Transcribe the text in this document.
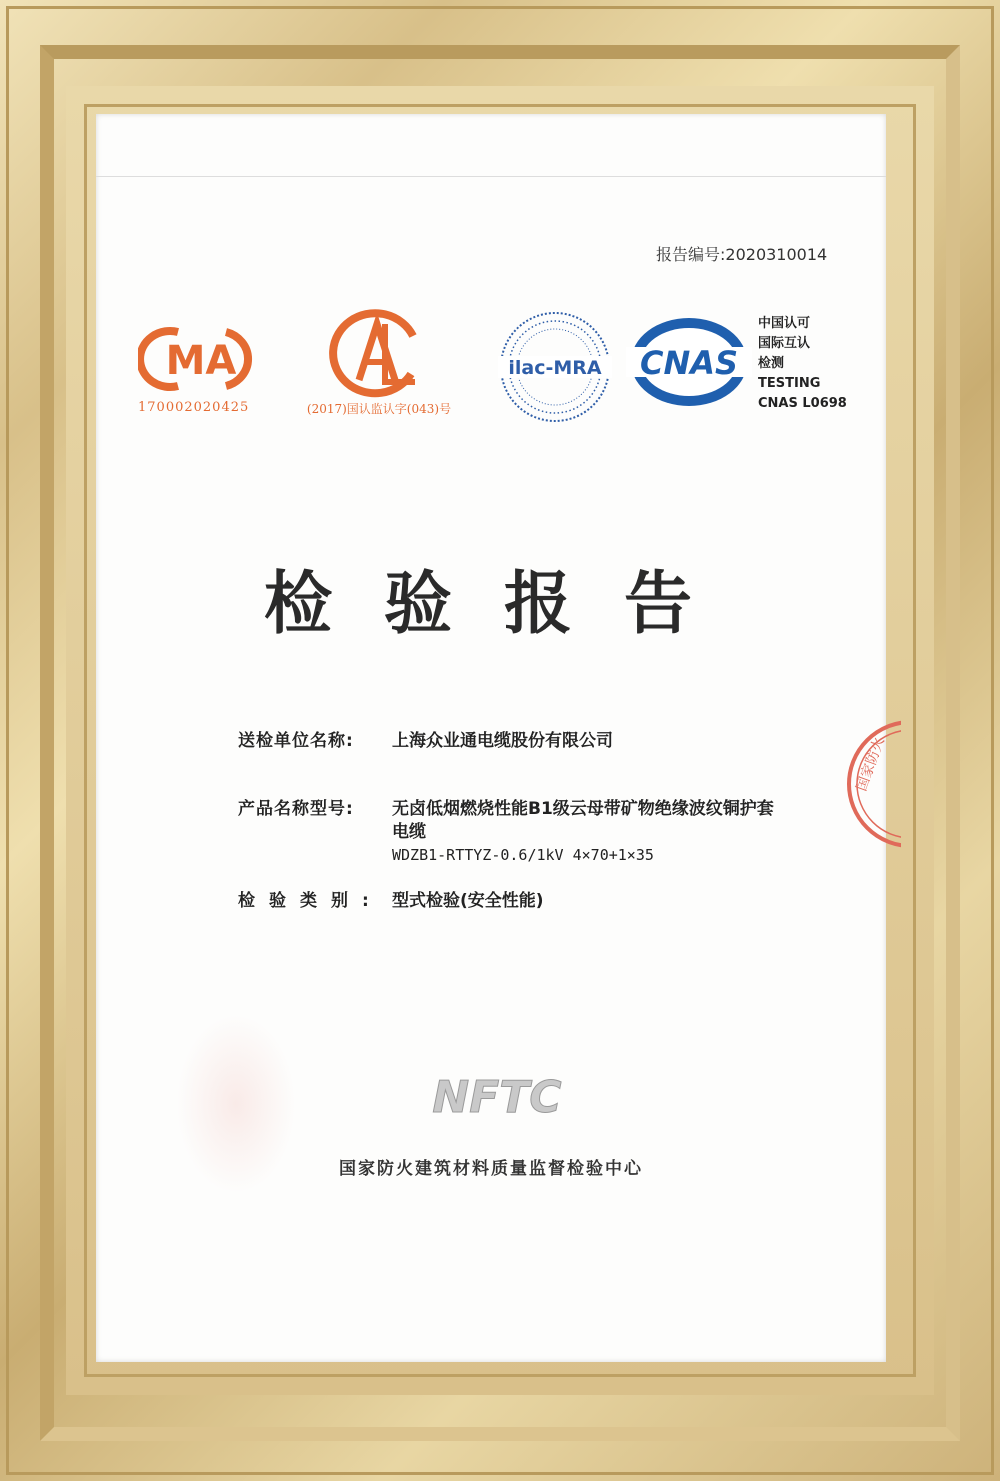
报告编号:2020310014
MA
170002020425	(2017)国认监认字(043)号
ilac-MRA CNAS
中国认可
国际互认
检测
TESTING
CNAS L0698
检验报告
送检单位名称: 上海众业通电缆股份有限公司
产品名称型号: 无卤低烟燃烧性能B1级云母带矿物绝缘波纹铜护套
电缆
WDZB1-RTTYZ-0.6/1kV 4×70+1×35
检验类别: 型式检验(安全性能)
NFTC
国家防火建筑材料质量监督检验中心
国家防火
